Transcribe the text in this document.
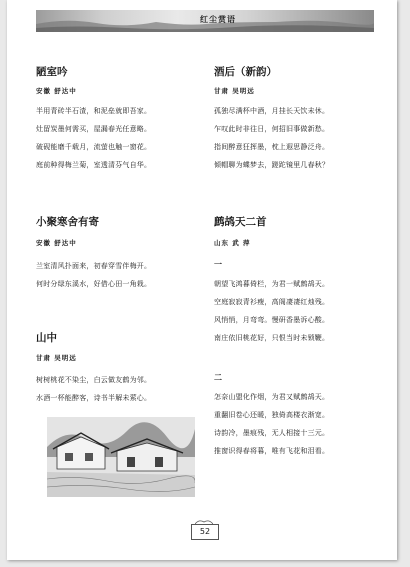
红尘赏语
陋室吟
安徽 舒达中
半用青砖半石渣，和泥垒就即吾家。
灶留炭墨何需买，屋漏春光任意略。
破砚能磨千载月，流萤也触一窗花。
庭前种得梅兰菊，室透清芬气自华。
小聚寒舍有寄
安徽 舒达中
兰室清风扑面来，初春穿雪伴梅开。
何时分绿东溪水，好借心田一角栽。
山中
甘肃 吴明远
树树桃花不染尘，白云做友鹤为邻。
水酒一杯能醉客，诗书半解未萦心。
酒后（新韵）
甘肃 吴明远
孤独尽满杯中酒，月挂长天饮未休。
乍叹此时非往日，何招旧事做新愁。
指间醉意狂挥墨，枕上遐思静泛舟。
倾帽聊为蝶梦去，蹉跎镜里几春秋？
鹧鸪天二首
山东 武 萍
一
朝望飞鸿暮倚栏，为君一赋鹧鸪天。
空庭寂寂青衫瘦，高阁凄凄红烛残。
风悄悄，月弯弯。慢研香墨诉心酸。
南庄依旧桃花好，只恨当时未锁鞭。
二
怎奈山盟化作烟，为君又赋鹧鸪天。
重翻旧卷心还暖，独倚高楼衣渐宽。
诗韵冷，墨痕残，无人相接十三元。
推窗识得春将暮，唯有飞花和泪看。
52
